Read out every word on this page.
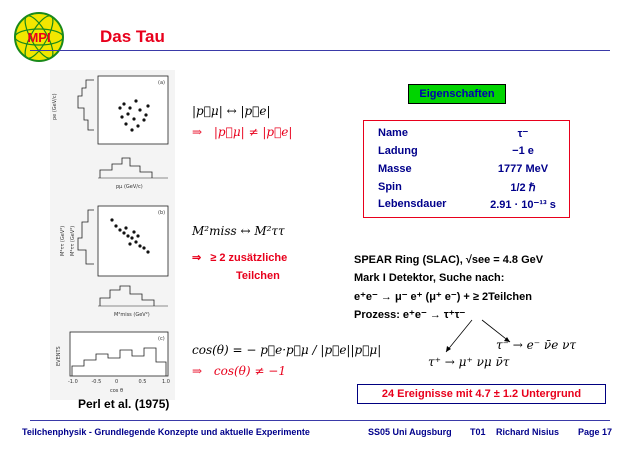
MPI	Das Tau
(a)
pe (GeV/c)
pμ (GeV/c)
(b)
M²ττ (GeV²) M²ττ (GeV²)
M²miss (GeV²)
(c)
EVENTS
-1.0	-0.5	0	0.5	1.0
cos θ
Perl et al. (1975)
|p⃗μ| ↔ |p⃗e|
⇒ |p⃗μ| ≠ |p⃗e|
M²miss ↔ M²ττ
⇒ ≥ 2 zusätzliche
Teilchen
cos(θ) = − p⃗e·p⃗μ / |p⃗e||p⃗μ|
⇒ cos(θ) ≠ −1
Eigenschaften
Name	τ⁻
Ladung	−1 e
Masse	1777 MeV
Spin	1/2 ℏ
Lebensdauer	2.91 · 10⁻¹³ s
SPEAR Ring (SLAC), √see = 4.8 GeV
Mark I Detektor, Suche nach:
e⁺e⁻ → μ⁻ e⁺ (μ⁺ e⁻) + ≥ 2Teilchen
Prozess: e⁺e⁻ → τ⁺τ⁻
τ⁻ → e⁻ ν̄e ντ
τ⁺ → μ⁺ νμ ν̄τ
24 Ereignisse mit 4.7 ± 1.2 Untergrund
Teilchenphysik - Grundlegende Konzepte und aktuelle Experimente	SS05 Uni Augsburg T01 Richard Nisius Page 17
